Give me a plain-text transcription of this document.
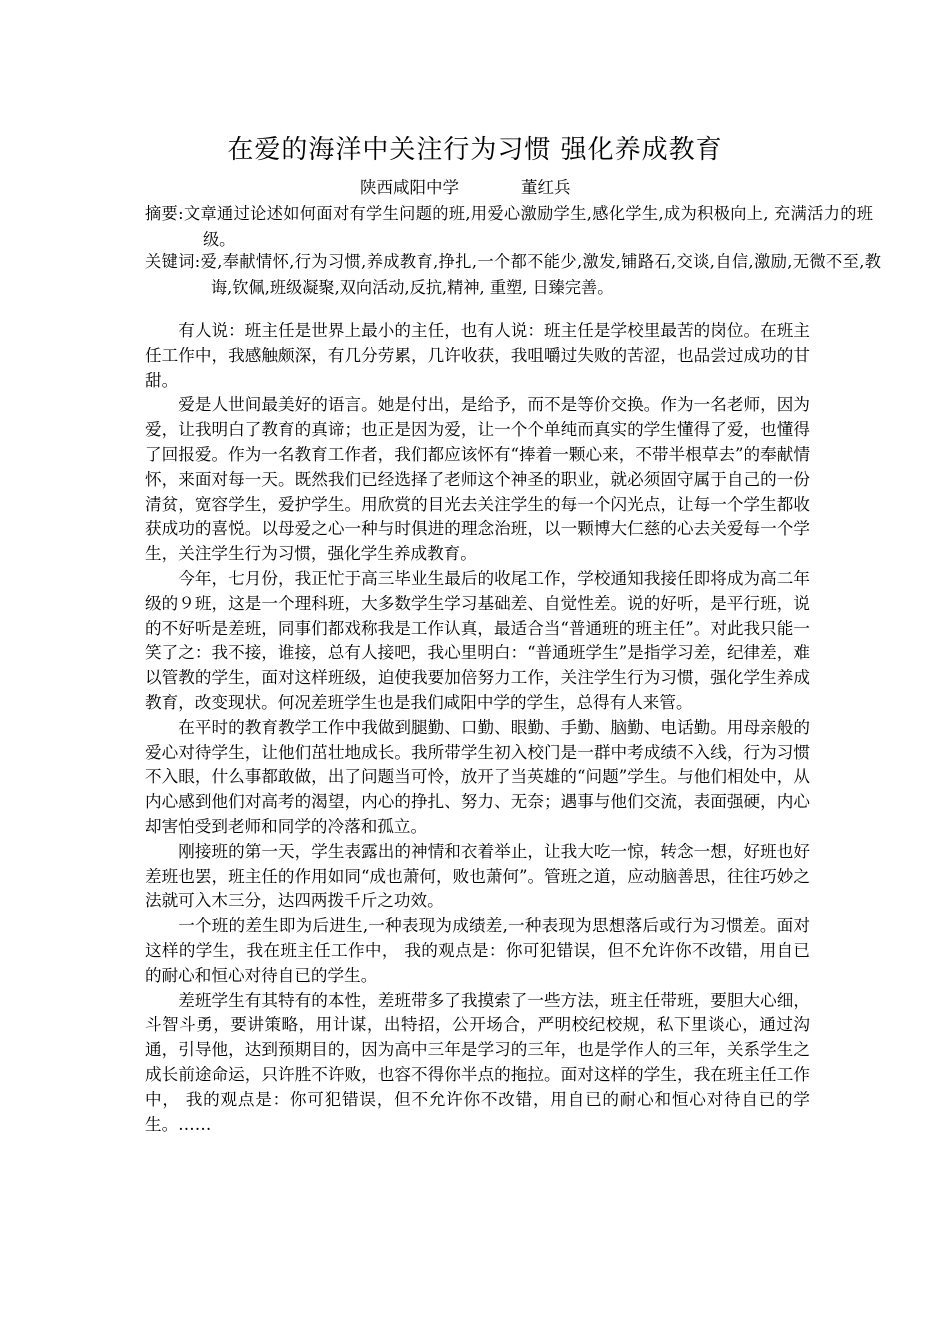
在爱的海洋中关注行为习惯 强化养成教育
陕西咸阳中学	董红兵
摘要:文章通过论述如何面对有学生问题的班,用爱心激励学生,感化学生,成为积极向上, 充满活力的班级。
关键词:爱,奉献情怀,行为习惯,养成教育,挣扎,一个都不能少,激发,铺路石,交谈,自信,激励,无微不至,教诲,钦佩,班级凝聚,双向活动,反抗,精神, 重塑, 日臻完善。

有人说：班主任是世界上最小的主任，也有人说：班主任是学校里最苦的岗位。在班主任工作中，我感触颇深，有几分劳累，几许收获，我咀嚼过失败的苦涩，也品尝过成功的甘甜。

爱是人世间最美好的语言。她是付出，是给予，而不是等价交换。作为一名老师，因为爱，让我明白了教育的真谛；也正是因为爱，让一个个单纯而真实的学生懂得了爱，也懂得了回报爱。作为一名教育工作者，我们都应该怀有“捧着一颗心来，不带半根草去”的奉献情怀，来面对每一天。既然我们已经选择了老师这个神圣的职业，就必须固守属于自己的一份清贫，宽容学生，爱护学生。用欣赏的目光去关注学生的每一个闪光点，让每一个学生都收获成功的喜悦。以母爱之心一种与时俱进的理念治班，以一颗博大仁慈的心去关爱每一个学生，关注学生行为习惯，强化学生养成教育。

今年，七月份，我正忙于高三毕业生最后的收尾工作，学校通知我接任即将成为高二年级的９班，这是一个理科班，大多数学生学习基础差、自觉性差。说的好听，是平行班，说的不好听是差班，同事们都戏称我是工作认真，最适合当“普通班的班主任”。对此我只能一笑了之：我不接，谁接，总有人接吧，我心里明白：“普通班学生”是指学习差，纪律差，难以管教的学生，面对这样班级，迫使我要加倍努力工作，关注学生行为习惯，强化学生养成教育，改变现状。何况差班学生也是我们咸阳中学的学生，总得有人来管。

在平时的教育教学工作中我做到腿勤、口勤、眼勤、手勤、脑勤、电话勤。用母亲般的爱心对待学生，让他们茁壮地成长。我所带学生初入校门是一群中考成绩不入线，行为习惯不入眼，什么事都敢做，出了问题当可怜，放开了当英雄的“问题”学生。与他们相处中，从内心感到他们对高考的渴望，内心的挣扎、努力、无奈；遇事与他们交流，表面强硬，内心却害怕受到老师和同学的冷落和孤立。

刚接班的第一天，学生表露出的神情和衣着举止，让我大吃一惊，转念一想，好班也好差班也罢，班主任的作用如同“成也萧何，败也萧何”。管班之道，应动脑善思，往往巧妙之法就可入木三分，达四两拨千斤之功效。

一个班的差生即为后进生,一种表现为成绩差,一种表现为思想落后或行为习惯差。面对这样的学生，我在班主任工作中， 我的观点是：你可犯错误，但不允许你不改错，用自已的耐心和恒心对待自已的学生。

差班学生有其特有的本性，差班带多了我摸索了一些方法，班主任带班，要胆大心细，斗智斗勇，要讲策略，用计谋，出特招，公开场合，严明校纪校规，私下里谈心，通过沟通，引导他，达到预期目的，因为高中三年是学习的三年，也是学作人的三年，关系学生之成长前途命运，只许胜不许败，也容不得你半点的拖拉。面对这样的学生，我在班主任工作中， 我的观点是：你可犯错误，但不允许你不改错，用自已的耐心和恒心对待自已的学生。……
